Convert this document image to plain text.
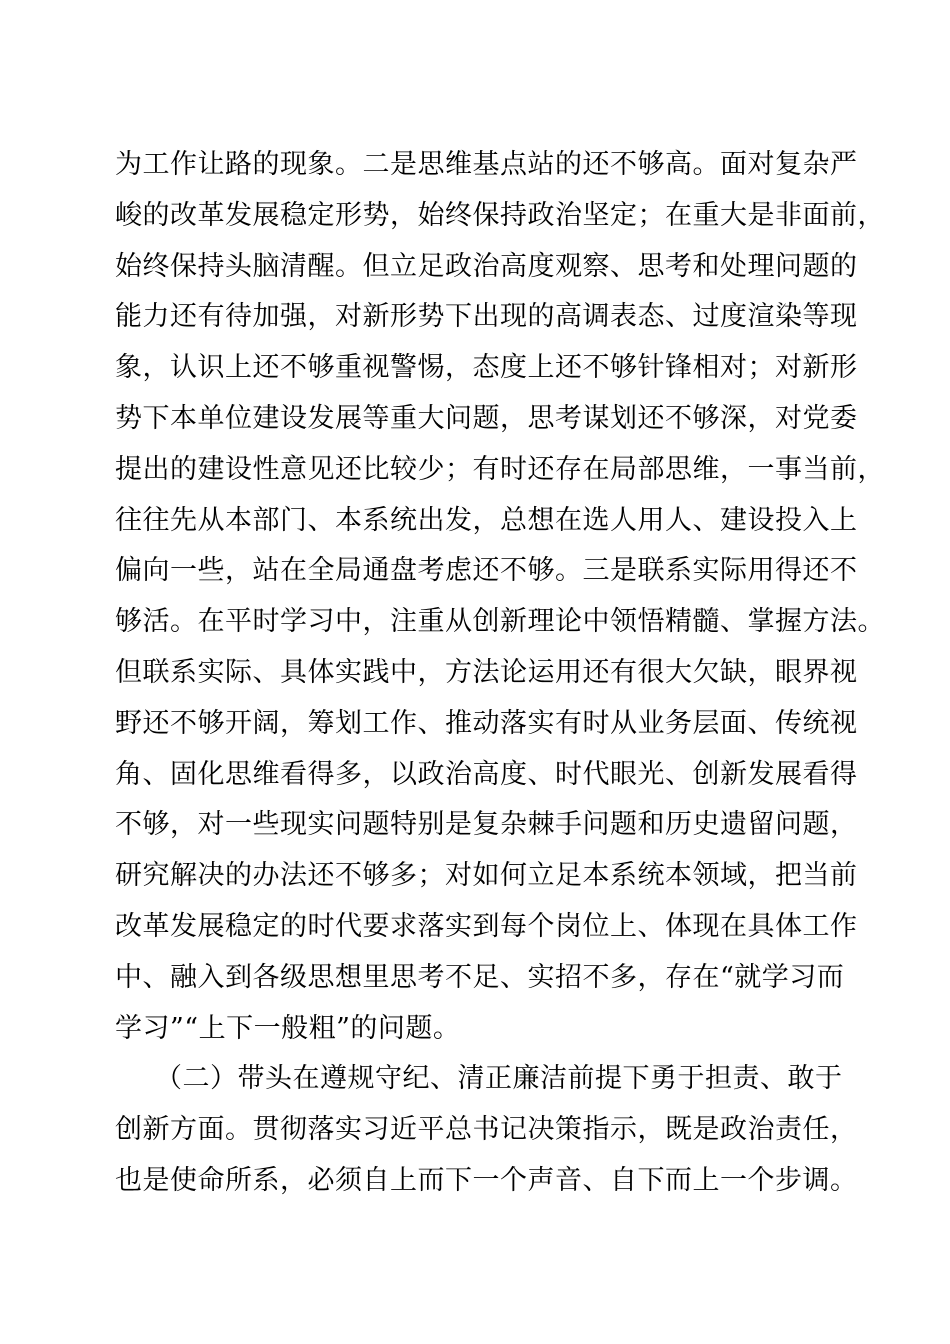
为工作让路的现象。二是思维基点站的还不够高。面对复杂严
峻的改革发展稳定形势，始终保持政治坚定；在重大是非面前，
始终保持头脑清醒。但立足政治高度观察、思考和处理问题的
能力还有待加强，对新形势下出现的高调表态、过度渲染等现
象，认识上还不够重视警惕，态度上还不够针锋相对；对新形
势下本单位建设发展等重大问题，思考谋划还不够深，对党委
提出的建设性意见还比较少；有时还存在局部思维，一事当前，
往往先从本部门、本系统出发，总想在选人用人、建设投入上
偏向一些，站在全局通盘考虑还不够。三是联系实际用得还不
够活。在平时学习中，注重从创新理论中领悟精髓、掌握方法。
但联系实际、具体实践中，方法论运用还有很大欠缺，眼界视
野还不够开阔，筹划工作、推动落实有时从业务层面、传统视
角、固化思维看得多，以政治高度、时代眼光、创新发展看得
不够，对一些现实问题特别是复杂棘手问题和历史遗留问题，
研究解决的办法还不够多；对如何立足本系统本领域，把当前
改革发展稳定的时代要求落实到每个岗位上、体现在具体工作
中、融入到各级思想里思考不足、实招不多，存在“就学习而
学习”“上下一般粗”的问题。
（二）带头在遵规守纪、清正廉洁前提下勇于担责、敢于
创新方面。贯彻落实习近平总书记决策指示，既是政治责任，
也是使命所系，必须自上而下一个声音、自下而上一个步调。
